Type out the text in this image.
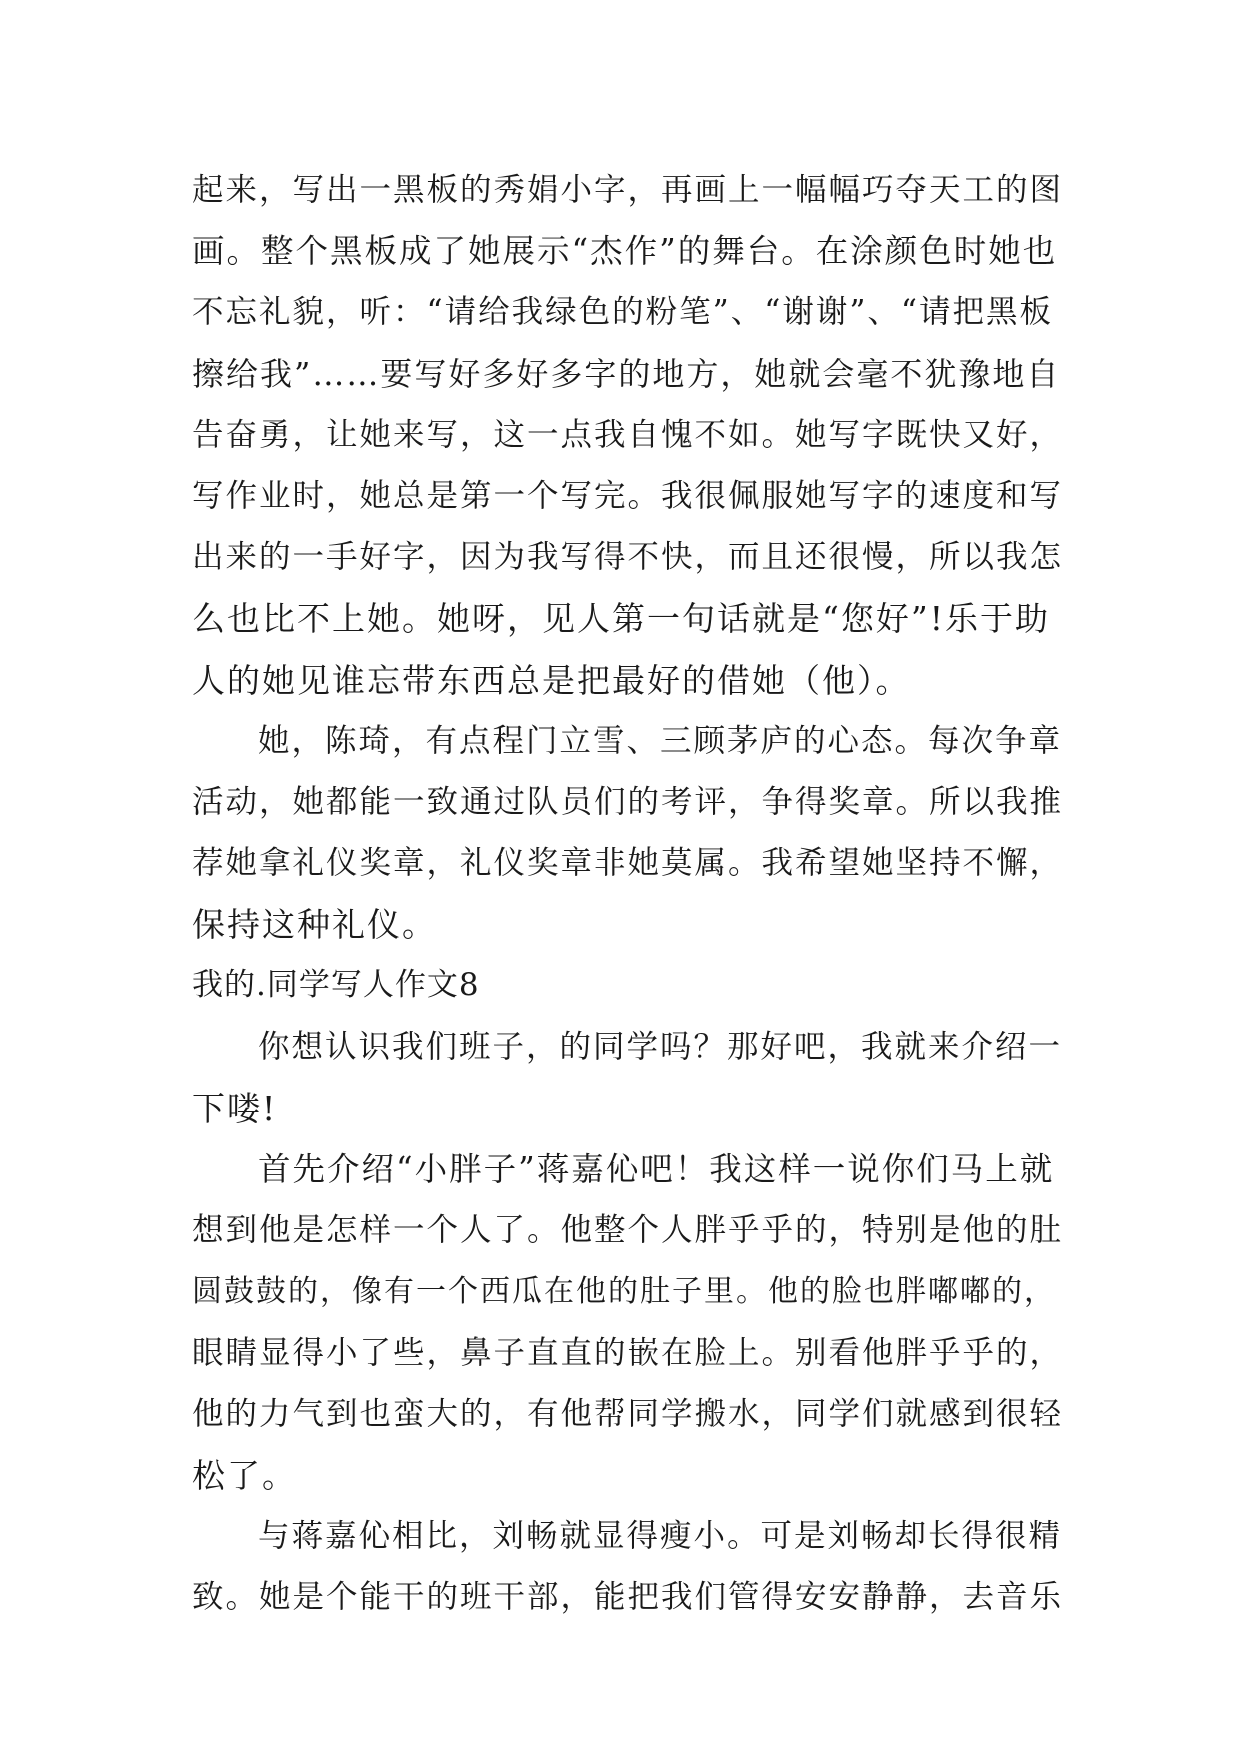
起来，写出一黑板的秀娟小字，再画上一幅幅巧夺天工的图
画。整个黑板成了她展示“杰作”的舞台。在涂颜色时她也
不忘礼貌，听：“请给我绿色的粉笔”、“谢谢”、“请把黑板
擦给我”……要写好多好多字的地方，她就会毫不犹豫地自
告奋勇，让她来写，这一点我自愧不如。她写字既快又好，
写作业时，她总是第一个写完。我很佩服她写字的速度和写
出来的一手好字，因为我写得不快，而且还很慢，所以我怎
么也比不上她。她呀，见人第一句话就是“您好”!乐于助
人的她见谁忘带东西总是把最好的借她（他）。
她，陈琦，有点程门立雪、三顾茅庐的心态。每次争章
活动，她都能一致通过队员们的考评，争得奖章。所以我推
荐她拿礼仪奖章，礼仪奖章非她莫属。我希望她坚持不懈，
保持这种礼仪。
我的.同学写人作文8
你想认识我们班子，的同学吗？那好吧，我就来介绍一
下喽!
首先介绍“小胖子”蒋嘉伈吧！我这样一说你们马上就
想到他是怎样一个人了。他整个人胖乎乎的，特别是他的肚
圆鼓鼓的，像有一个西瓜在他的肚子里。他的脸也胖嘟嘟的，
眼睛显得小了些，鼻子直直的嵌在脸上。别看他胖乎乎的，
他的力气到也蛮大的，有他帮同学搬水，同学们就感到很轻
松了。
与蒋嘉伈相比，刘畅就显得瘦小。可是刘畅却长得很精
致。她是个能干的班干部，能把我们管得安安静静，去音乐
